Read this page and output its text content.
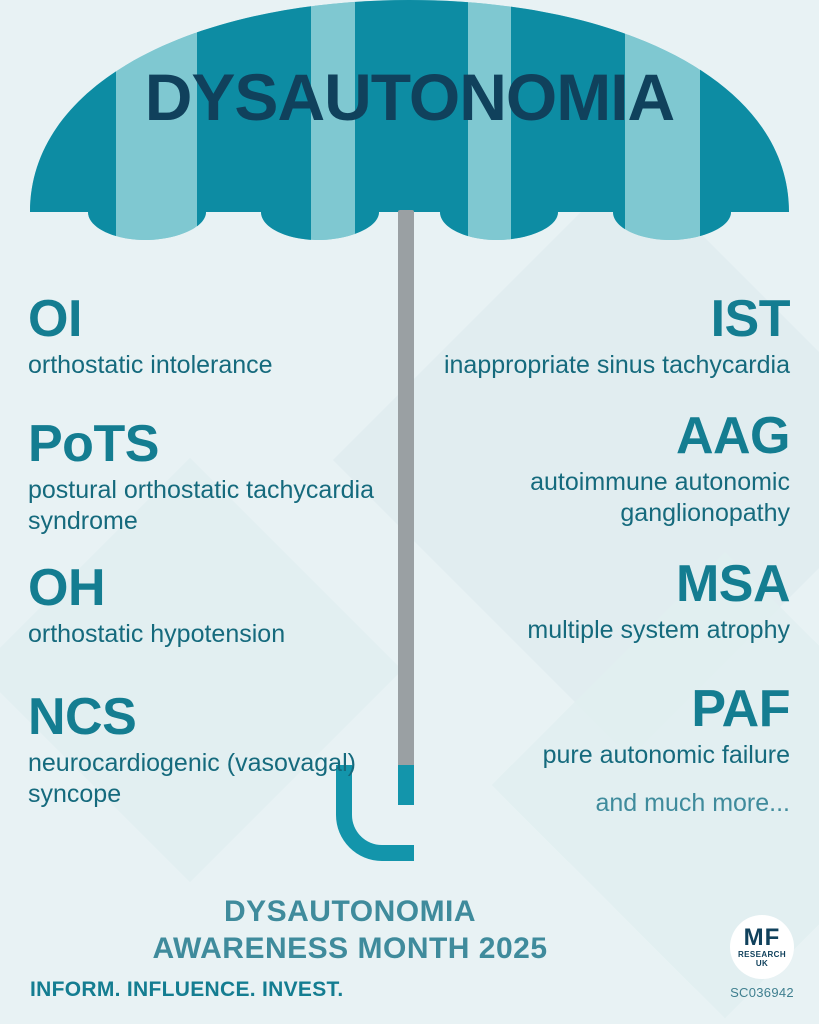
DYSAUTONOMIA
OI
orthostatic intolerance
PoTS
postural orthostatic tachycardia syndrome
OH
orthostatic hypotension
NCS
neurocardiogenic (vasovagal) syncope
IST
inappropriate sinus tachycardia
AAG
autoimmune autonomic ganglionopathy
MSA
multiple system atrophy
PAF
pure autonomic failure
and much more...
DYSAUTONOMIA
AWARENESS MONTH 2025
INFORM. INFLUENCE. INVEST.
MF
RESEARCH
UK
SC036942
